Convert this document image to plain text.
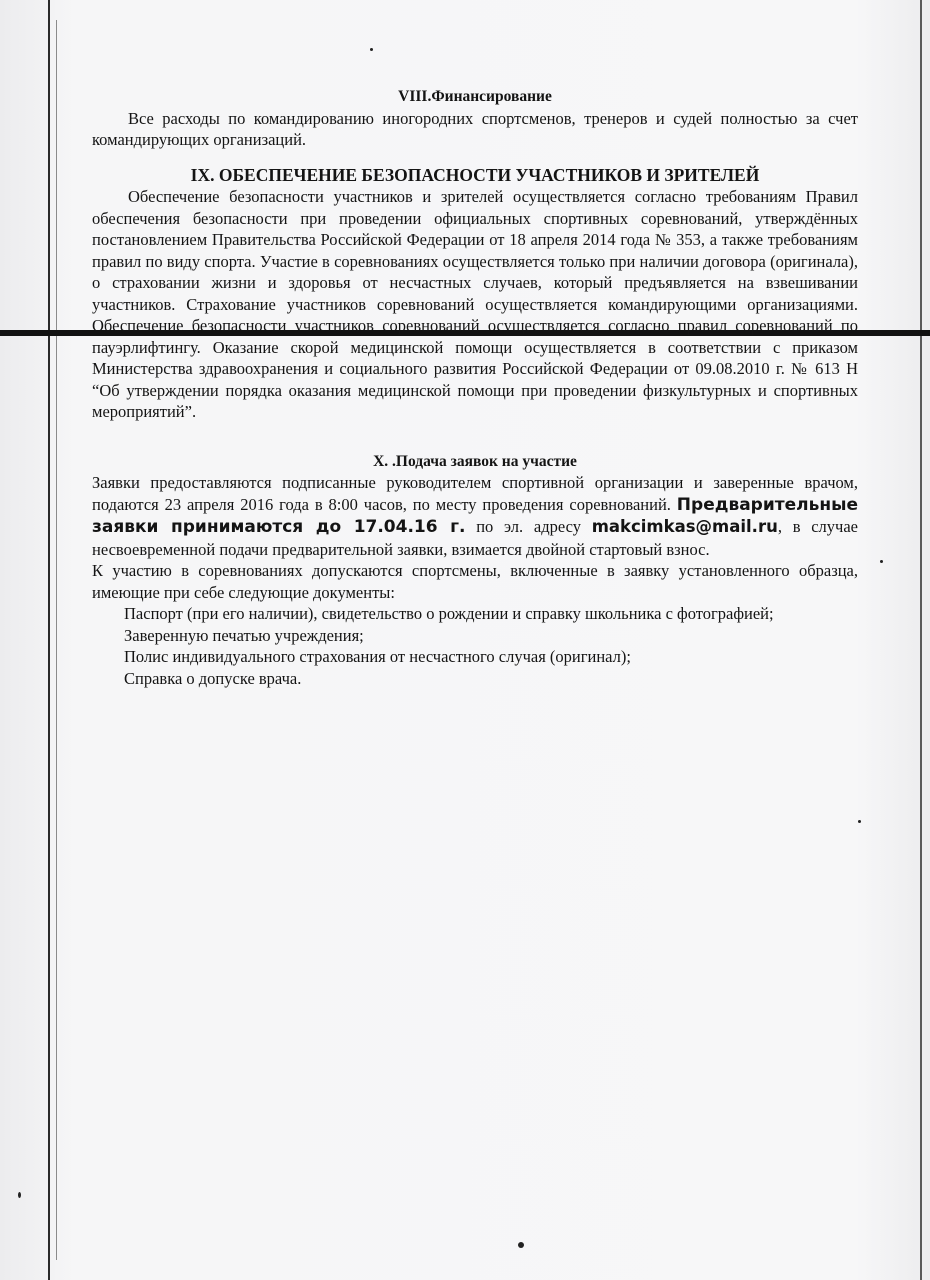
VIII.Финансирование

Все расходы по командированию иногородних спортсменов, тренеров и судей полностью за счет командирующих организаций.

IX. ОБЕСПЕЧЕНИЕ БЕЗОПАСНОСТИ УЧАСТНИКОВ И ЗРИТЕЛЕЙ

Обеспечение безопасности участников и зрителей осуществляется согласно требованиям Правил обеспечения безопасности при проведении официальных спортивных соревнований, утверждённых постановлением Правительства Российской Федерации от 18 апреля 2014 года № 353, а также требованиям правил по виду спорта. Участие в соревнованиях осуществляется только при наличии договора (оригинала), о страховании жизни и здоровья от несчастных случаев, который предъявляется на взвешивании участников. Страхование участников соревнований осуществляется командирующими организациями. Обеспечение безопасности участников соревнований осуществляется согласно правил соревнований по пауэрлифтингу. Оказание скорой медицинской помощи осуществляется в соответствии с приказом Министерства здравоохранения и социального развития Российской Федерации от 09.08.2010 г. № 613 Н “Об утверждении порядка оказания медицинской помощи при проведении физкультурных и спортивных мероприятий”.

X. .Подача заявок на участие

Заявки предоставляются подписанные руководителем спортивной организации и заверенные врачом, подаются 23 апреля 2016 года в 8:00 часов, по месту проведения соревнований. Предварительные заявки принимаются до 17.04.16 г. по эл. адресу makcimkas@mail.ru, в случае несвоевременной подачи предварительной заявки, взимается двойной стартовый взнос.

К участию в соревнованиях допускаются спортсмены, включенные в заявку установленного образца, имеющие при себе следующие документы:

Паспорт (при его наличии), свидетельство о рождении и справку школьника с фотографией;

Заверенную печатью учреждения;

Полис индивидуального страхования от несчастного случая (оригинал);

Справка о допуске врача.
